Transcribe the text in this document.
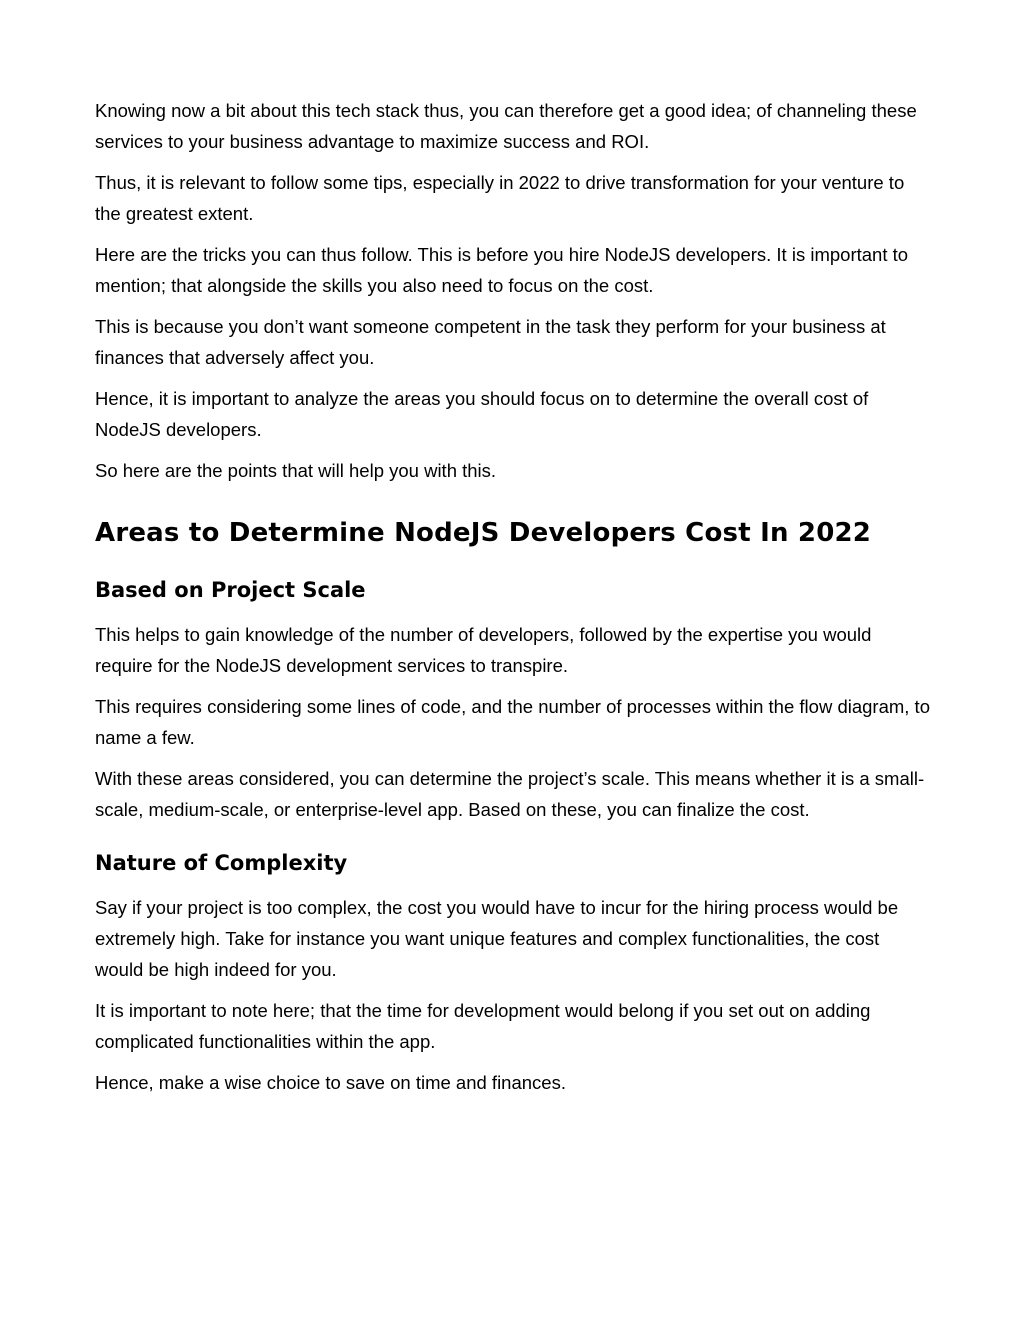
Knowing now a bit about this tech stack thus, you can therefore get a good idea; of channeling these services to your business advantage to maximize success and ROI.

Thus, it is relevant to follow some tips, especially in 2022 to drive transformation for your venture to the greatest extent.

Here are the tricks you can thus follow. This is before you hire NodeJS developers. It is important to mention; that alongside the skills you also need to focus on the cost.

This is because you don’t want someone competent in the task they perform for your business at finances that adversely affect you.

Hence, it is important to analyze the areas you should focus on to determine the overall cost of NodeJS developers.

So here are the points that will help you with this.

Areas to Determine NodeJS Developers Cost In 2022
Based on Project Scale

This helps to gain knowledge of the number of developers, followed by the expertise you would require for the NodeJS development services to transpire.

This requires considering some lines of code, and the number of processes within the flow diagram, to name a few.

With these areas considered, you can determine the project’s scale. This means whether it is a small-scale, medium-scale, or enterprise-level app. Based on these, you can finalize the cost.

Nature of Complexity

Say if your project is too complex, the cost you would have to incur for the hiring process would be extremely high. Take for instance you want unique features and complex functionalities, the cost would be high indeed for you.

It is important to note here; that the time for development would belong if you set out on adding complicated functionalities within the app.

Hence, make a wise choice to save on time and finances.
